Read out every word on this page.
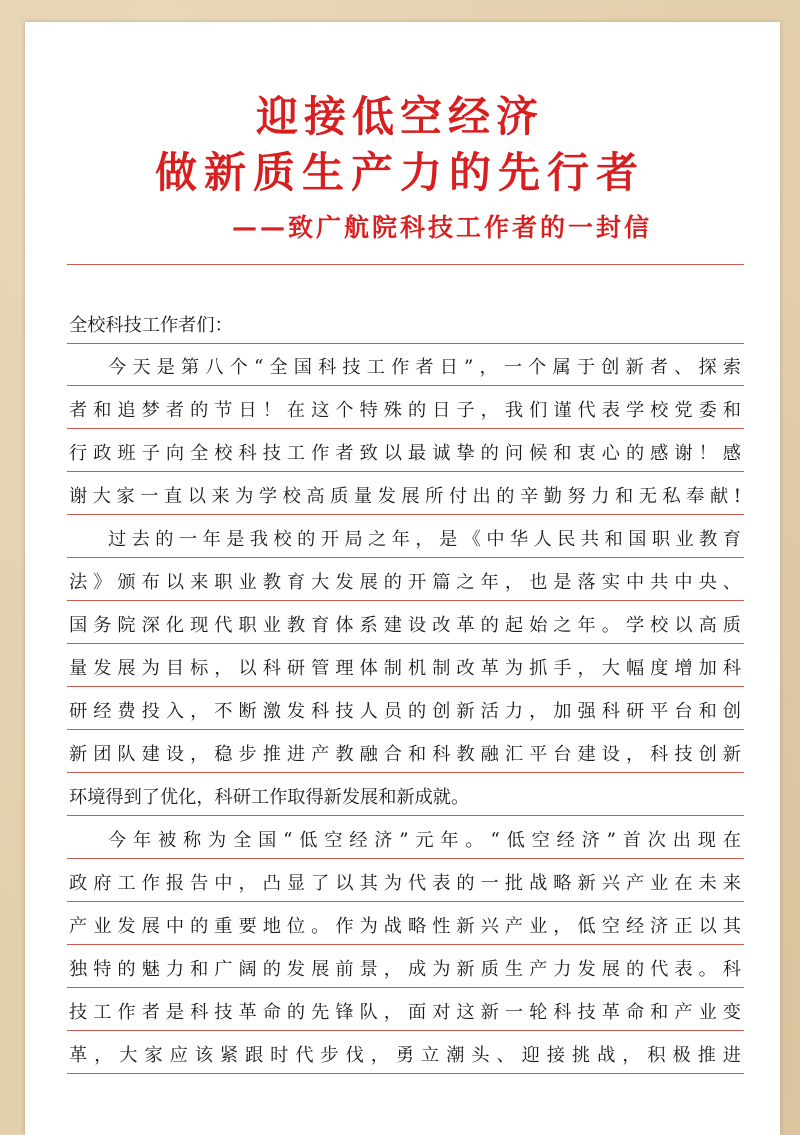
迎接低空经济
做新质生产力的先行者
——致广航院科技工作者的一封信
全校科技工作者们：
今天是第八个“全国科技工作者日”，一个属于创新者、探索
者和追梦者的节日！在这个特殊的日子，我们谨代表学校党委和
行政班子向全校科技工作者致以最诚挚的问候和衷心的感谢！感
谢大家一直以来为学校高质量发展所付出的辛勤努力和无私奉献!
过去的一年是我校的开局之年，是《中华人民共和国职业教育
法》颁布以来职业教育大发展的开篇之年，也是落实中共中央、
国务院深化现代职业教育体系建设改革的起始之年。学校以高质
量发展为目标，以科研管理体制机制改革为抓手，大幅度增加科
研经费投入，不断激发科技人员的创新活力，加强科研平台和创
新团队建设，稳步推进产教融合和科教融汇平台建设，科技创新
环境得到了优化，科研工作取得新发展和新成就。
今年被称为全国“低空经济”元年。“低空经济”首次出现在
政府工作报告中，凸显了以其为代表的一批战略新兴产业在未来
产业发展中的重要地位。作为战略性新兴产业，低空经济正以其
独特的魅力和广阔的发展前景，成为新质生产力发展的代表。科
技工作者是科技革命的先锋队，面对这新一轮科技革命和产业变
革，大家应该紧跟时代步伐，勇立潮头、迎接挑战，积极推进
